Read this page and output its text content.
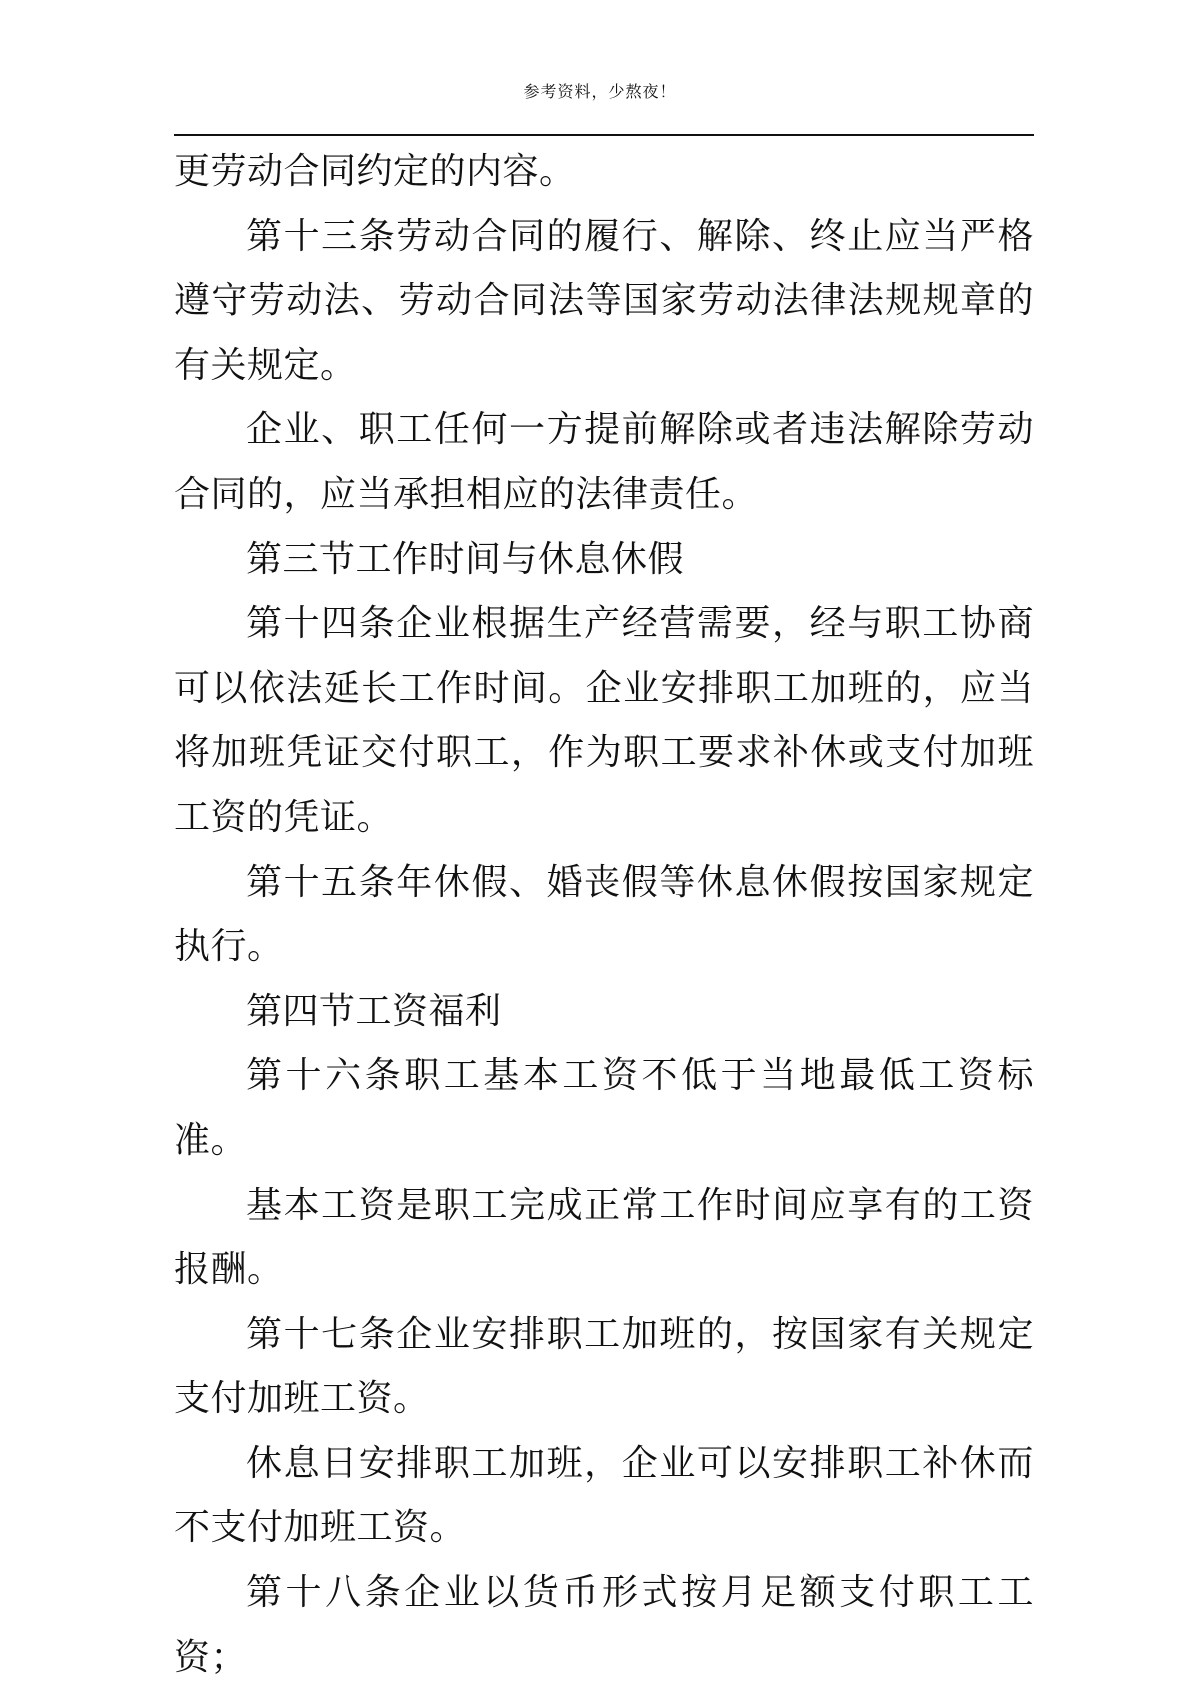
参考资料，少熬夜！

更劳动合同约定的内容。

第十三条劳动合同的履行、解除、终止应当严格遵守劳动法、劳动合同法等国家劳动法律法规规章的有关规定。

企业、职工任何一方提前解除或者违法解除劳动合同的，应当承担相应的法律责任。

第三节工作时间与休息休假

第十四条企业根据生产经营需要，经与职工协商可以依法延长工作时间。企业安排职工加班的，应当将加班凭证交付职工，作为职工要求补休或支付加班工资的凭证。

第十五条年休假、婚丧假等休息休假按国家规定执行。

第四节工资福利

第十六条职工基本工资不低于当地最低工资标准。

基本工资是职工完成正常工作时间应享有的工资报酬。

第十七条企业安排职工加班的，按国家有关规定支付加班工资。

休息日安排职工加班，企业可以安排职工补休而不支付加班工资。

第十八条企业以货币形式按月足额支付职工工资；
